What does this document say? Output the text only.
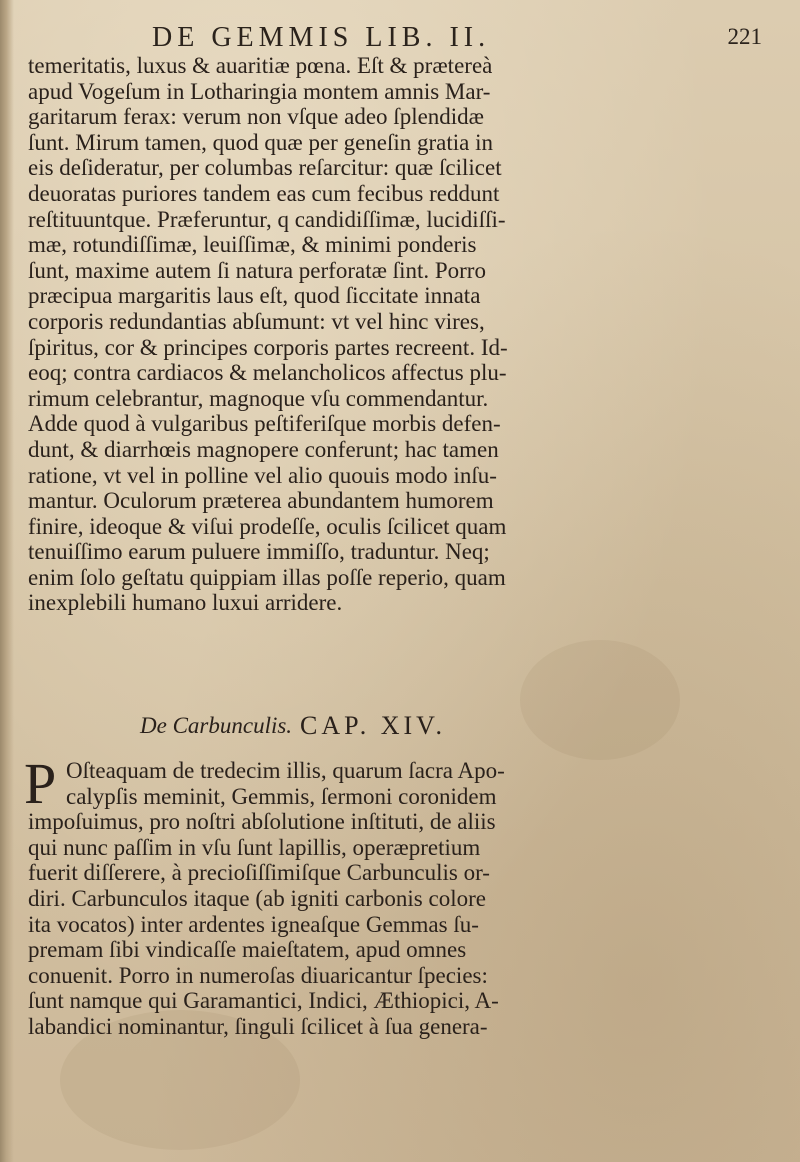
DE GEMMIS LIB. II.	221
temeritatis, luxus & auaritiæ pœna. Eſt & prætereà
apud Vogeſum in Lotharingia montem amnis Mar-
garitarum ferax: verum non vſque adeo ſplendidæ
ſunt. Mirum tamen, quod quæ per geneſin gratia in
eis deſideratur, per columbas reſarcitur: quæ ſcilicet
deuoratas puriores tandem eas cum fecibus reddunt
reſtituuntque. Præferuntur, q candidiſſimæ, lucidiſſi-
mæ, rotundiſſimæ, leuiſſimæ, & minimi ponderis
ſunt, maxime autem ſi natura perforatæ ſint. Porro
præcipua margaritis laus eſt, quod ſiccitate innata
corporis redundantias abſumunt: vt vel hinc vires,
ſpiritus, cor & principes corporis partes recreent. Id-
eoq; contra cardiacos & melancholicos affectus plu-
rimum celebrantur, magnoque vſu commendantur.
Adde quod à vulgaribus peſtiferiſque morbis defen-
dunt, & diarrhœis magnopere conferunt; hac tamen
ratione, vt vel in polline vel alio quouis modo inſu-
mantur. Oculorum præterea abundantem humorem
finire, ideoque & viſui prodeſſe, oculis ſcilicet quam
tenuiſſimo earum puluere immiſſo, traduntur. Neq;
enim ſolo geſtatu quippiam illas poſſe reperio, quam
inexplebili humano luxui arridere.
De Carbunculis. CAP. XIV.
P Oſteaquam de tredecim illis, quarum ſacra Apo-
calypſis meminit, Gemmis, ſermoni coronidem
impoſuimus, pro noſtri abſolutione inſtituti, de aliis
qui nunc paſſim in vſu ſunt lapillis, operæpretium
fuerit diſſerere, à precioſiſſimiſque Carbunculis or-
diri. Carbunculos itaque (ab igniti carbonis colore
ita vocatos) inter ardentes igneaſque Gemmas ſu-
premam ſibi vindicaſſe maieſtatem, apud omnes
conuenit. Porro in numeroſas diuaricantur ſpecies:
ſunt namque qui Garamantici, Indici, Æthiopici, A-
labandici nominantur, ſinguli ſcilicet à ſua genera-
